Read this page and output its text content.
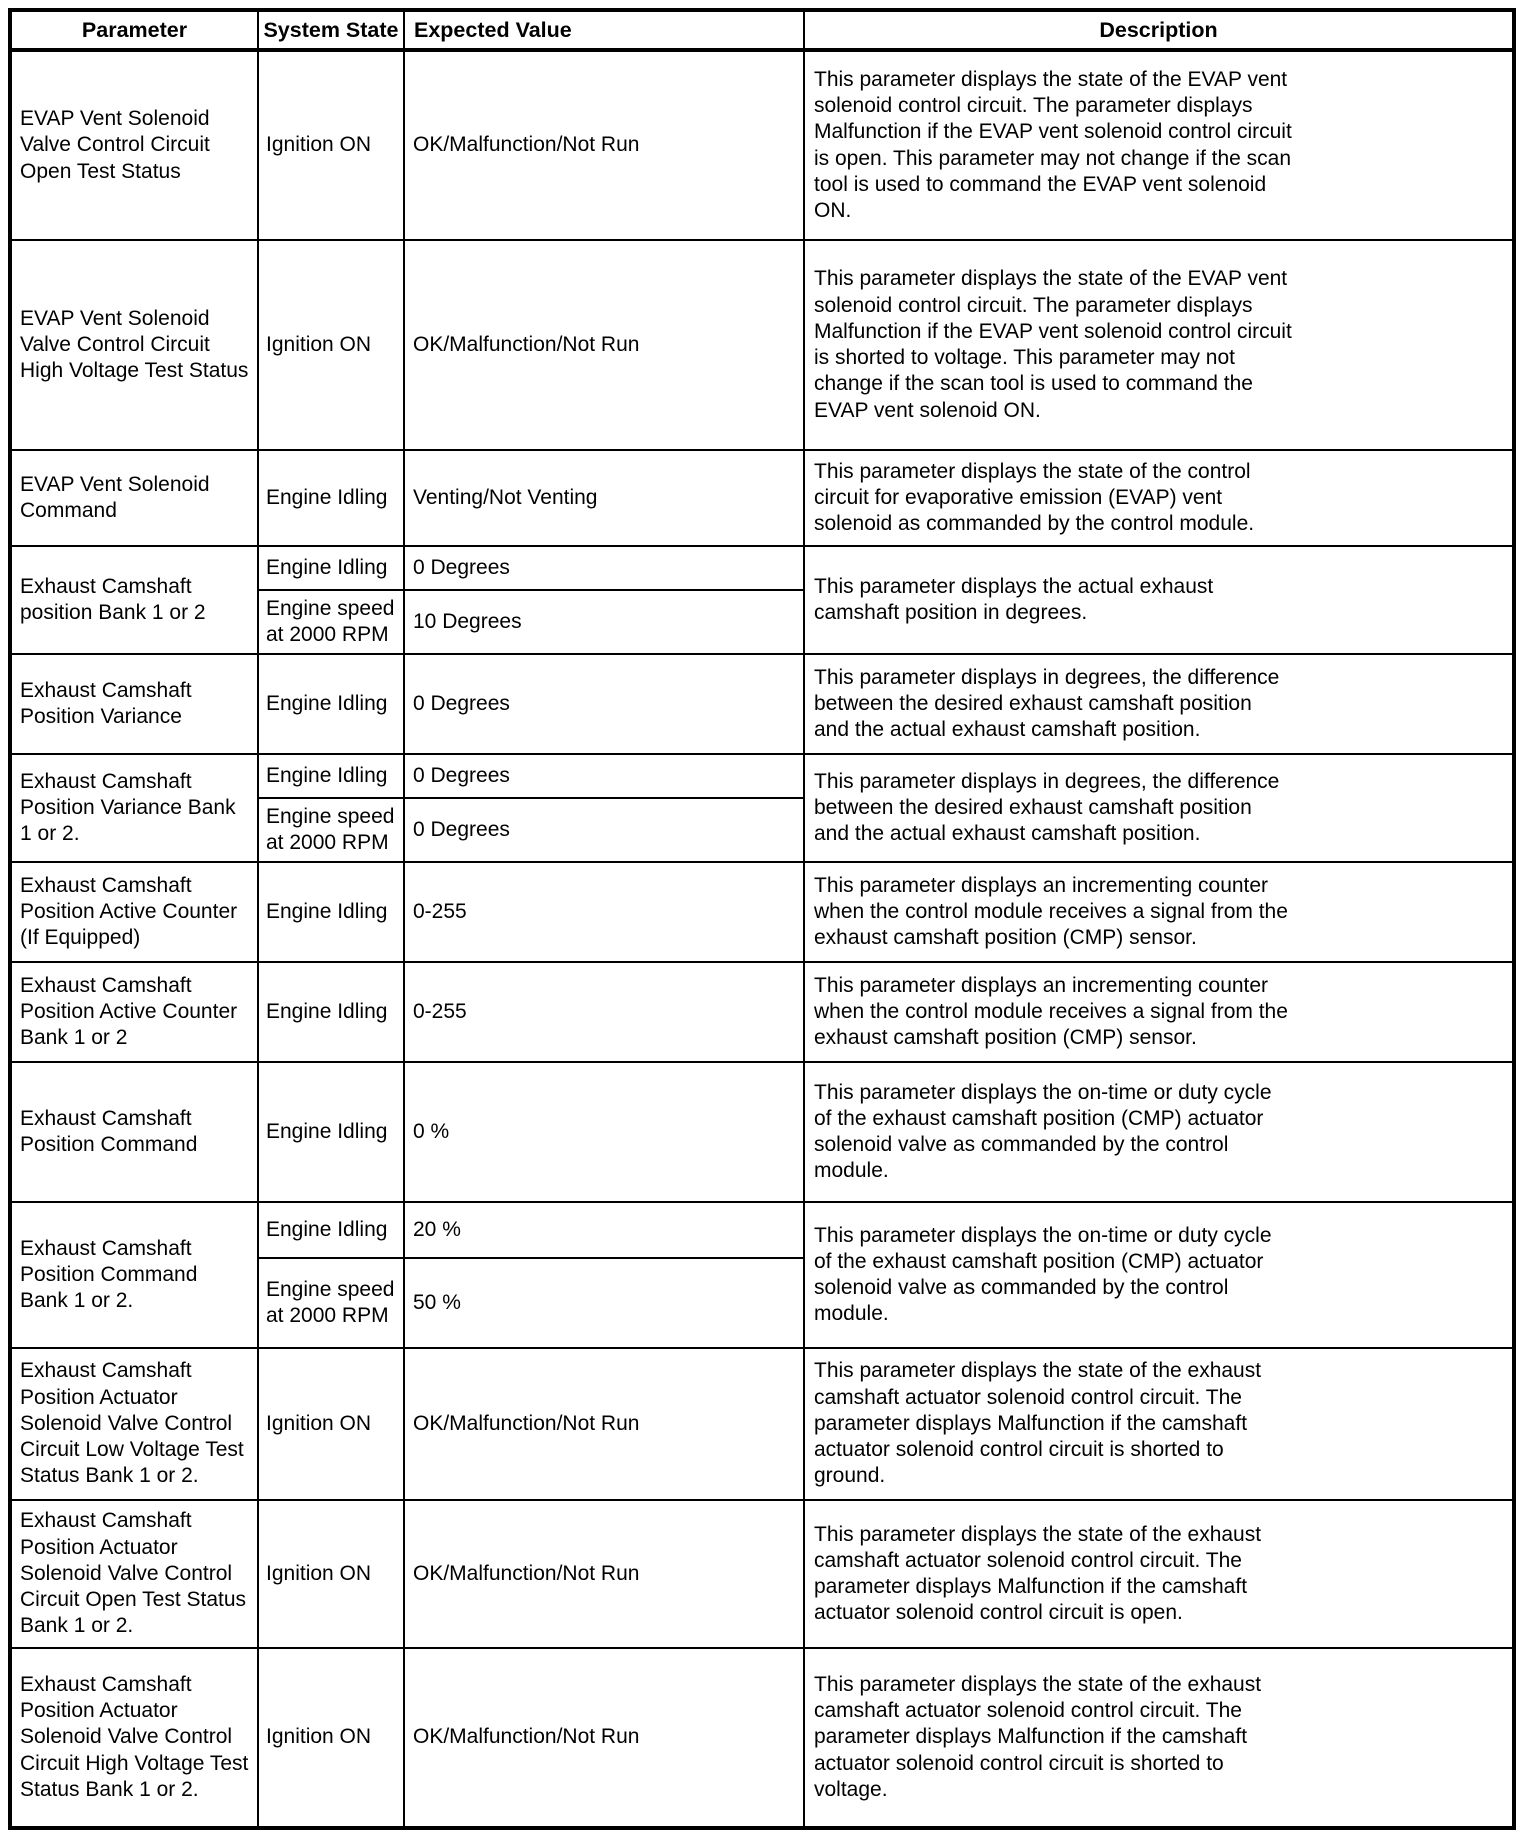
Parameter	System State	Expected Value	Description
EVAP Vent Solenoid Valve Control Circuit Open Test Status	Ignition ON	OK/Malfunction/Not Run	This parameter displays the state of the EVAP vent solenoid control circuit. The parameter displays Malfunction if the EVAP vent solenoid control circuit is open. This parameter may not change if the scan tool is used to command the EVAP vent solenoid ON.

EVAP Vent Solenoid Valve Control Circuit High Voltage Test Status	Ignition ON	OK/Malfunction/Not Run	This parameter displays the state of the EVAP vent solenoid control circuit. The parameter displays Malfunction if the EVAP vent solenoid control circuit is shorted to voltage. This parameter may not change if the scan tool is used to command the EVAP vent solenoid ON.

EVAP Vent Solenoid Command	Engine Idling	Venting/Not Venting	This parameter displays the state of the control circuit for evaporative emission (EVAP) vent solenoid as commanded by the control module.

Exhaust Camshaft position Bank 1 or 2	Engine Idling	0 Degrees	This parameter displays the actual exhaust camshaft position in degrees.

	Engine speed at 2000 RPM	10 Degrees	
Exhaust Camshaft Position Variance	Engine Idling	0 Degrees	This parameter displays in degrees, the difference between the desired exhaust camshaft position and the actual exhaust camshaft position.

Exhaust Camshaft Position Variance Bank 1 or 2.	Engine Idling	0 Degrees	This parameter displays in degrees, the difference between the desired exhaust camshaft position and the actual exhaust camshaft position.

	Engine speed at 2000 RPM	0 Degrees	
Exhaust Camshaft Position Active Counter (If Equipped)	Engine Idling	0-255	This parameter displays an incrementing counter when the control module receives a signal from the exhaust camshaft position (CMP) sensor.

Exhaust Camshaft Position Active Counter Bank 1 or 2	Engine Idling	0-255	This parameter displays an incrementing counter when the control module receives a signal from the exhaust camshaft position (CMP) sensor.

Exhaust Camshaft Position Command	Engine Idling	0 %	This parameter displays the on-time or duty cycle of the exhaust camshaft position (CMP) actuator solenoid valve as commanded by the control module.

Exhaust Camshaft Position Command Bank 1 or 2.	Engine Idling	20 %	This parameter displays the on-time or duty cycle of the exhaust camshaft position (CMP) actuator solenoid valve as commanded by the control module.

	Engine speed at 2000 RPM	50 %	
Exhaust Camshaft Position Actuator Solenoid Valve Control Circuit Low Voltage Test Status Bank 1 or 2.	Ignition ON	OK/Malfunction/Not Run	This parameter displays the state of the exhaust camshaft actuator solenoid control circuit. The parameter displays Malfunction if the camshaft actuator solenoid control circuit is shorted to ground.

Exhaust Camshaft Position Actuator Solenoid Valve Control Circuit Open Test Status Bank 1 or 2.	Ignition ON	OK/Malfunction/Not Run	This parameter displays the state of the exhaust camshaft actuator solenoid control circuit. The parameter displays Malfunction if the camshaft actuator solenoid control circuit is open.

Exhaust Camshaft Position Actuator Solenoid Valve Control Circuit High Voltage Test Status Bank 1 or 2.	Ignition ON	OK/Malfunction/Not Run	This parameter displays the state of the exhaust camshaft actuator solenoid control circuit. The parameter displays Malfunction if the camshaft actuator solenoid control circuit is shorted to voltage.
